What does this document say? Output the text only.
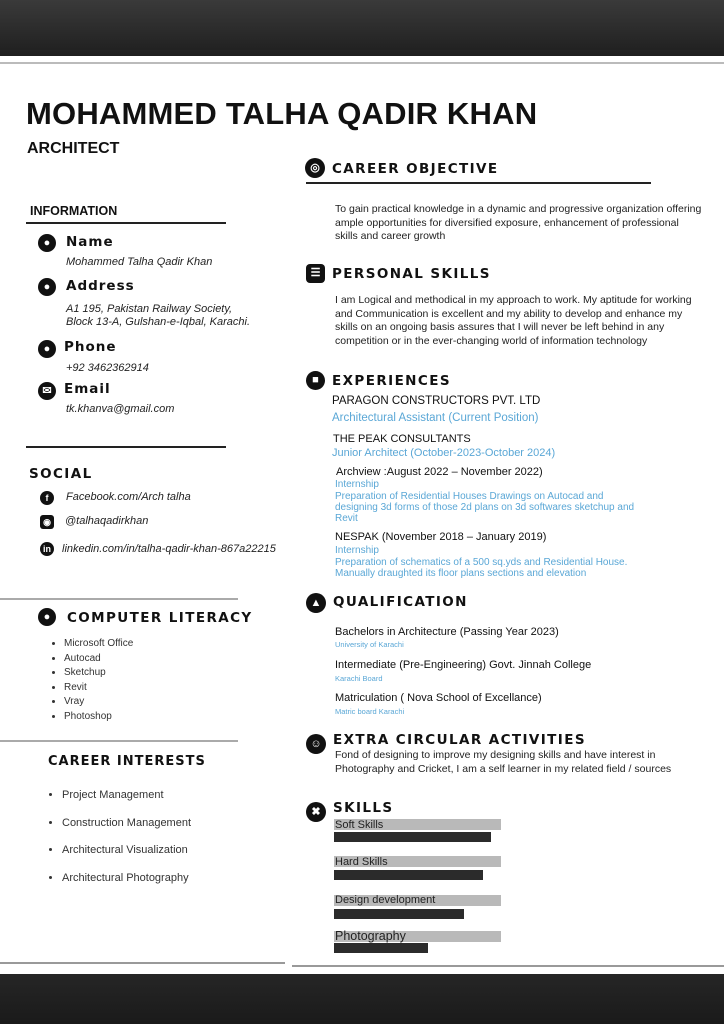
MOHAMMED TALHA QADIR KHAN
ARCHITECT
INFORMATION
●	Name
Mohammed Talha Qadir Khan
●	Address
A1 195, Pakistan Railway Society,
Block 13-A, Gulshan-e-Iqbal, Karachi.
●	Phone
+92 3462362914
✉ Email
tk.khanva@gmail.com
SOCIAL
f	Facebook.com/Arch talha
◉ @talhaqadirkhan
in linkedin.com/in/talha-qadir-khan-867a22215
●	COMPUTER LITERACY
• Microsoft Office
• Autocad
• Sketchup
• Revit
• Vray
• Photoshop
CAREER INTERESTS
• Project Management
• Construction Management
• Architectural Visualization
• Architectural Photography
◎ CAREER OBJECTIVE
To gain practical knowledge in a dynamic and progressive organization offering ample opportunities for diversified exposure, enhancement of professional skills and career growth
☰ PERSONAL SKILLS
I am Logical and methodical in my approach to work. My aptitude for working and Communication is excellent and my ability to develop and enhance my skills on an ongoing basis assures that I will never be left behind in any competition or in the ever-changing world of information technology
■ EXPERIENCES
PARAGON CONSTRUCTORS PVT. LTD
Architectural Assistant (Current Position)
THE PEAK CONSULTANTS
Junior Architect (October-2023-October 2024)
Archview :August 2022 – November 2022)
Internship
Preparation of Residential Houses Drawings on Autocad and designing 3d forms of those 2d plans on 3d softwares sketchup and Revit
NESPAK (November 2018 – January 2019)
Internship
Preparation of schematics of a 500 sq.yds and Residential House. Manually draughted its floor plans sections and elevation
▲ QUALIFICATION
Bachelors in Architecture (Passing Year 2023)
University of Karachi
Intermediate (Pre-Engineering) Govt. Jinnah College
Karachi Board
Matriculation ( Nova School of Excellance)
Matric board Karachi
☺ EXTRA CIRCULAR ACTIVITIES
Fond of designing to improve my designing skills and have interest in Photography and Cricket, I am a self learner in my related field / sources
✖ SKILLS
Soft Skills
Hard Skills
Design development
Photography
